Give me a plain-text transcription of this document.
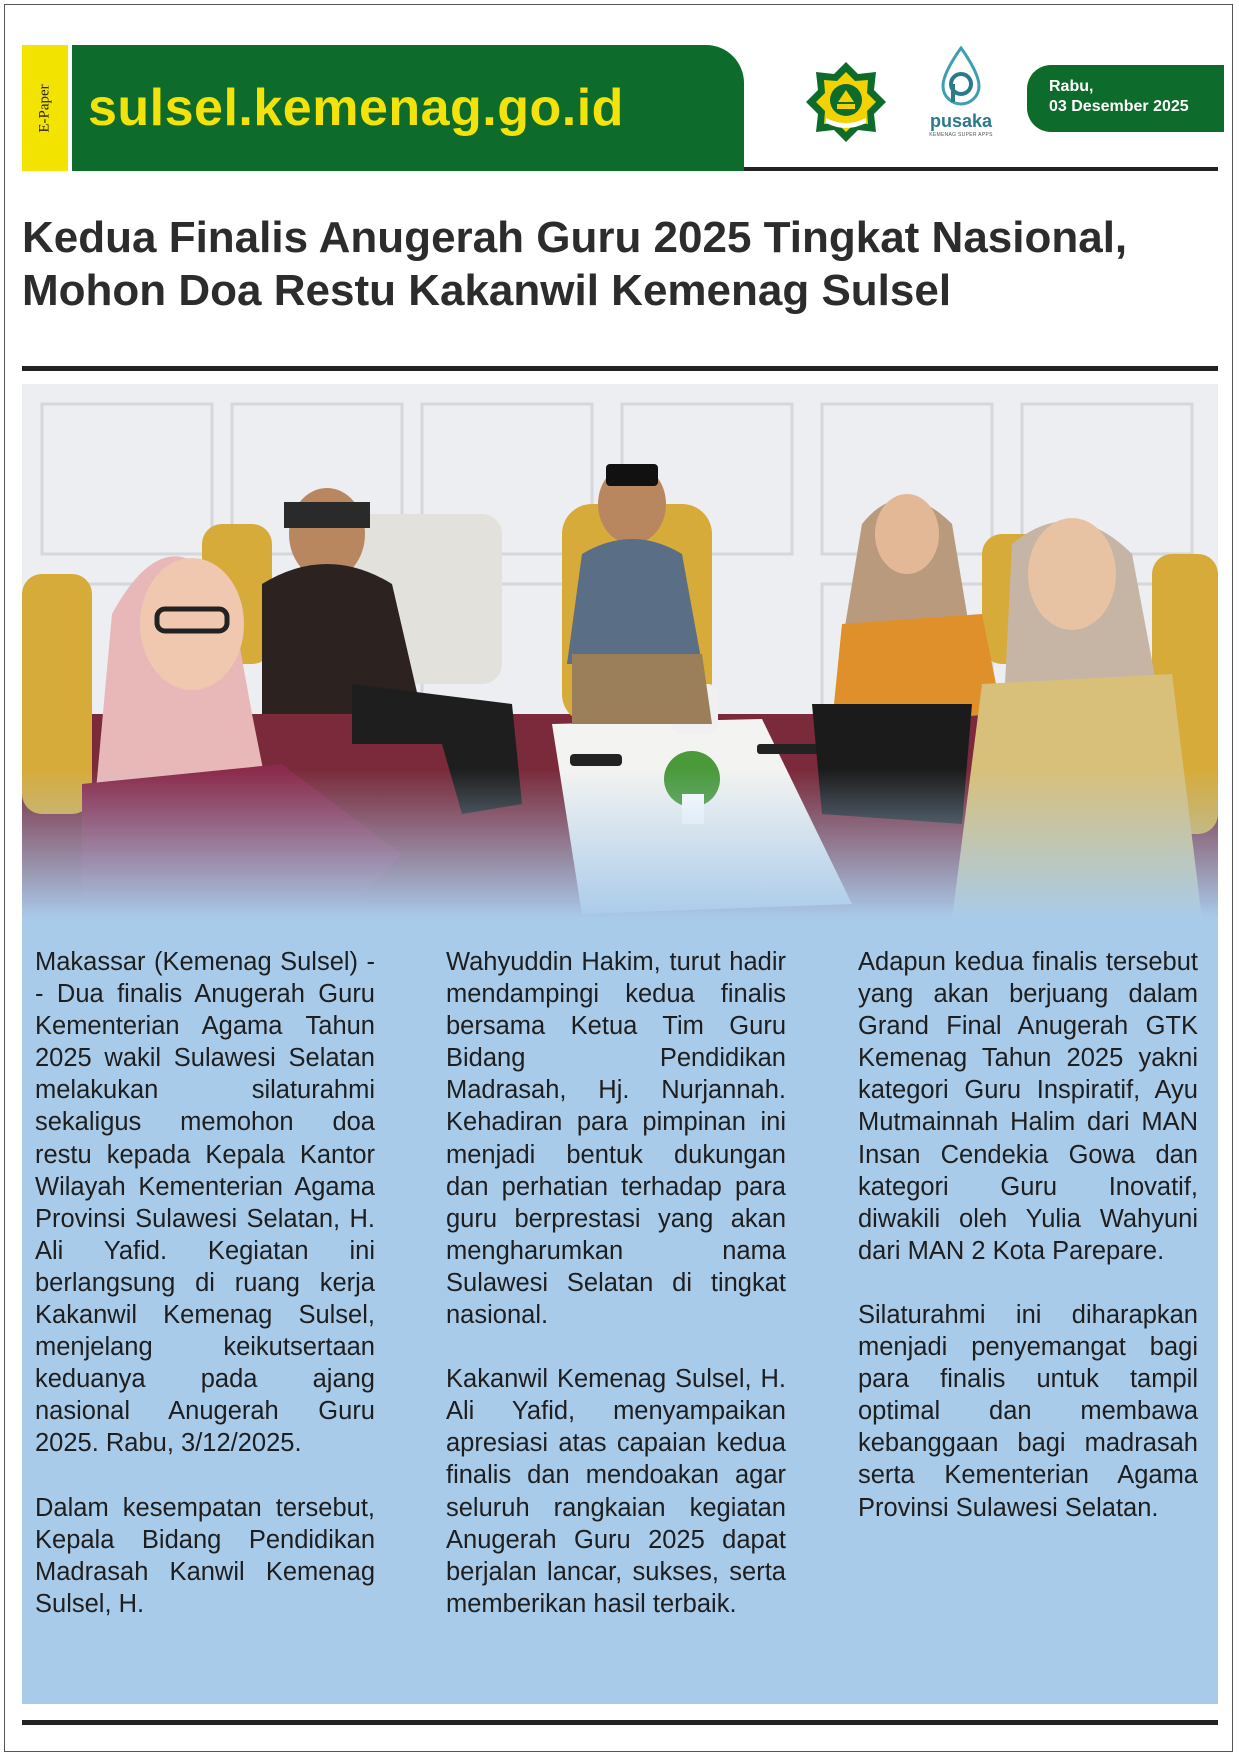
E-Paper sulsel.kemenag.go.id	pusaka
KEMENAG SUPER APPS
Rabu,
03 Desember 2025
Kedua Finalis Anugerah Guru 2025 Tingkat Nasional,
Mohon Doa Restu Kakanwil Kemenag Sulsel

Makassar (Kemenag Sulsel) -- Dua finalis Anugerah Guru Kementerian Agama Tahun 2025 wakil Sulawesi Selatan melakukan silaturahmi sekaligus memohon doa restu kepada Kepala Kantor Wilayah Kementerian Agama Provinsi Sulawesi Selatan, H. Ali Yafid. Kegiatan ini berlangsung di ruang kerja Kakanwil Kemenag Sulsel, menjelang keikutsertaan keduanya pada ajang nasional Anugerah Guru 2025. Rabu, 3/12/2025.

Dalam kesempatan tersebut, Kepala Bidang Pendidikan Madrasah Kanwil Kemenag Sulsel, H.

Wahyuddin Hakim, turut hadir mendampingi kedua finalis bersama Ketua Tim Guru Bidang Pendidikan Madrasah, Hj. Nurjannah. Kehadiran para pimpinan ini menjadi bentuk dukungan dan perhatian terhadap para guru berprestasi yang akan mengharumkan nama Sulawesi Selatan di tingkat nasional.

Kakanwil Kemenag Sulsel, H. Ali Yafid, menyampaikan apresiasi atas capaian kedua finalis dan mendoakan agar seluruh rangkaian kegiatan Anugerah Guru 2025 dapat berjalan lancar, sukses, serta memberikan hasil terbaik.

Adapun kedua finalis tersebut yang akan berjuang dalam Grand Final Anugerah GTK Kemenag Tahun 2025 yakni kategori Guru Inspiratif, Ayu Mutmainnah Halim dari MAN Insan Cendekia Gowa dan kategori Guru Inovatif, diwakili oleh Yulia Wahyuni dari MAN 2 Kota Parepare.

Silaturahmi ini diharapkan menjadi penyemangat bagi para finalis untuk tampil optimal dan membawa kebanggaan bagi madrasah serta Kementerian Agama Provinsi Sulawesi Selatan.
